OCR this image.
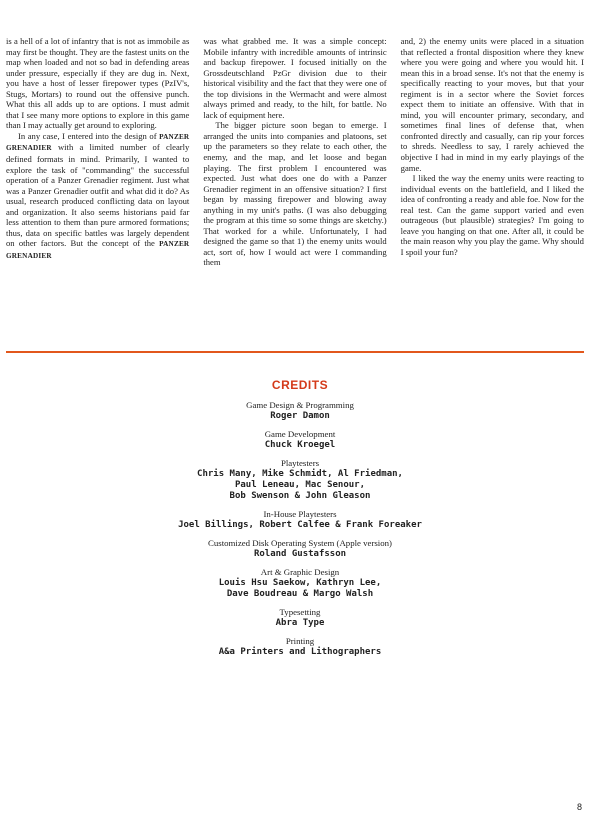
is a hell of a lot of infantry that is not as immobile as may first be thought. They are the fastest units on the map when loaded and not so bad in defending areas under pressure, especially if they are dug in. Next, you have a host of lesser firepower types (PzIV's, Stugs, Mortars) to round out the offensive punch. What this all adds up to are options. I must admit that I see many more options to explore in this game than I may actually get around to exploring.

In any case, I entered into the design of PANZER GRENADIER with a limited number of clearly defined formats in mind. Primarily, I wanted to explore the task of "commanding" the successful operation of a Panzer Grenadier regiment. Just what was a Panzer Grenadier outfit and what did it do? As usual, research produced conflicting data on layout and organization. It also seems historians paid far less attention to them than pure armored formations; thus, data on specific battles was largely dependent on other factors. But the concept of the PANZER GRENADIER

was what grabbed me. It was a simple concept: Mobile infantry with incredible amounts of intrinsic and backup firepower. I focused initially on the Grossdeutschland PzGr division due to their historical visibility and the fact that they were one of the top divisions in the Wermacht and were almost always primed and ready, to the hilt, for battle. No lack of equipment here.

The bigger picture soon began to emerge. I arranged the units into companies and platoons, set up the parameters so they relate to each other, the enemy, and the map, and let loose and began playing. The first problem I encountered was expected. Just what does one do with a Panzer Grenadier regiment in an offensive situation? I first began by massing firepower and blowing away anything in my unit's paths. (I was also debugging the program at this time so some things are sketchy.) That worked for a while. Unfortunately, I had designed the game so that 1) the enemy units would act, sort of, how I would act were I commanding them

and, 2) the enemy units were placed in a situation that reflected a frontal disposition where they knew where you were going and where you would hit. I mean this in a broad sense. It's not that the enemy is specifically reacting to your moves, but that your regiment is in a sector where the Soviet forces expect them to initiate an offensive. With that in mind, you will encounter primary, secondary, and sometimes final lines of defense that, when confronted directly and casually, can rip your forces to shreds. Needless to say, I rarely achieved the objective I had in mind in my early playings of the game.

I liked the way the enemy units were reacting to individual events on the battlefield, and I liked the idea of confronting a ready and able foe. Now for the real test. Can the game support varied and even outrageous (but plausible) strategies? I'm going to leave you hanging on that one. After all, it could be the main reason why you play the game. Why should I spoil your fun?

CREDITS
Game Design & Programming
Roger Damon
Game Development
Chuck Kroegel
Playtesters
Chris Many, Mike Schmidt, Al Friedman,
Paul Leneau, Mac Senour,
Bob Swenson & John Gleason
In-House Playtesters
Joel Billings, Robert Calfee & Frank Foreaker
Customized Disk Operating System (Apple version)
Roland Gustafsson
Art & Graphic Design
Louis Hsu Saekow, Kathryn Lee,
Dave Boudreau & Margo Walsh
Typesetting
Abra Type
Printing
A&a Printers and Lithographers
8
